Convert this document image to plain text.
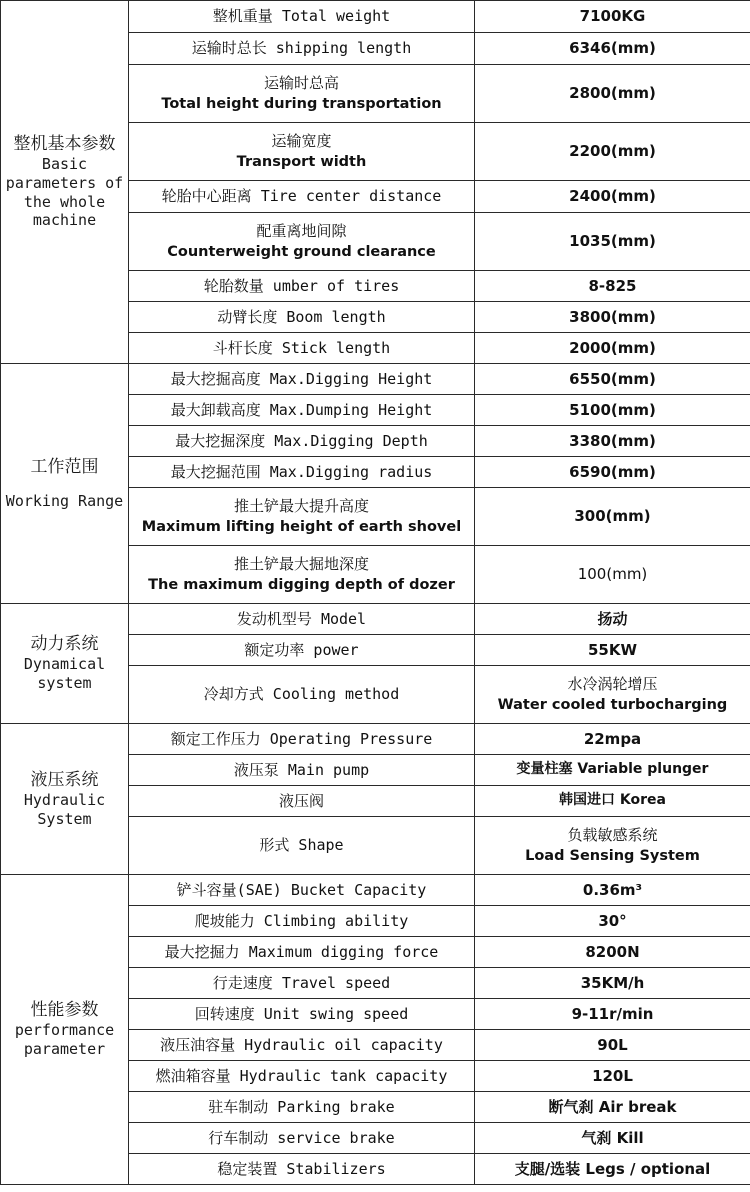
整机基本参数
Basic
parameters of
the whole
machine	整机重量 Total weight	7100KG
	运输时总长 shipping length	6346(mm)

	运输时总高
Total height during transportation	2800(mm)

	运输宽度
Transport width	2200(mm)
	轮胎中心距离 Tire center distance	2400(mm)

	配重离地间隙
Counterweight ground clearance	1035(mm)
	轮胎数量 umber of tires	8-825
	动臂长度 Boom length	3800(mm)
	斗杆长度 Stick length	2000(mm)

工作范围
Working Range	最大挖掘高度 Max.Digging Height	6550(mm)
	最大卸载高度 Max.Dumping Height	5100(mm)
	最大挖掘深度 Max.Digging Depth	3380(mm)
	最大挖掘范围 Max.Digging radius	6590(mm)

	推土铲最大提升高度
Maximum lifting height of earth shovel	300(mm)

	推土铲最大掘地深度
The maximum digging depth of dozer	100(mm)

动力系统
Dynamical
system	发动机型号 Model	扬动
	额定功率 power	55KW
	冷却方式 Cooling method	水冷涡轮增压
Water cooled turbocharging

液压系统
Hydraulic
System	额定工作压力 Operating Pressure	22mpa
	液压泵 Main pump	变量柱塞 Variable plunger
	液压阀	韩国进口 Korea
	形式 Shape	负载敏感系统
Load Sensing System

性能参数
performance
parameter	铲斗容量(SAE) Bucket Capacity	0.36m³
	爬坡能力 Climbing ability	30°
	最大挖掘力 Maximum digging force	8200N
	行走速度 Travel speed	35KM/h
	回转速度 Unit swing speed	9-11r/min
	液压油容量 Hydraulic oil capacity	90L
	燃油箱容量 Hydraulic tank capacity	120L
	驻车制动 Parking brake	断气刹 Air break
	行车制动 service brake	气刹 Kill
	稳定装置 Stabilizers	支腿/选装 Legs / optional
